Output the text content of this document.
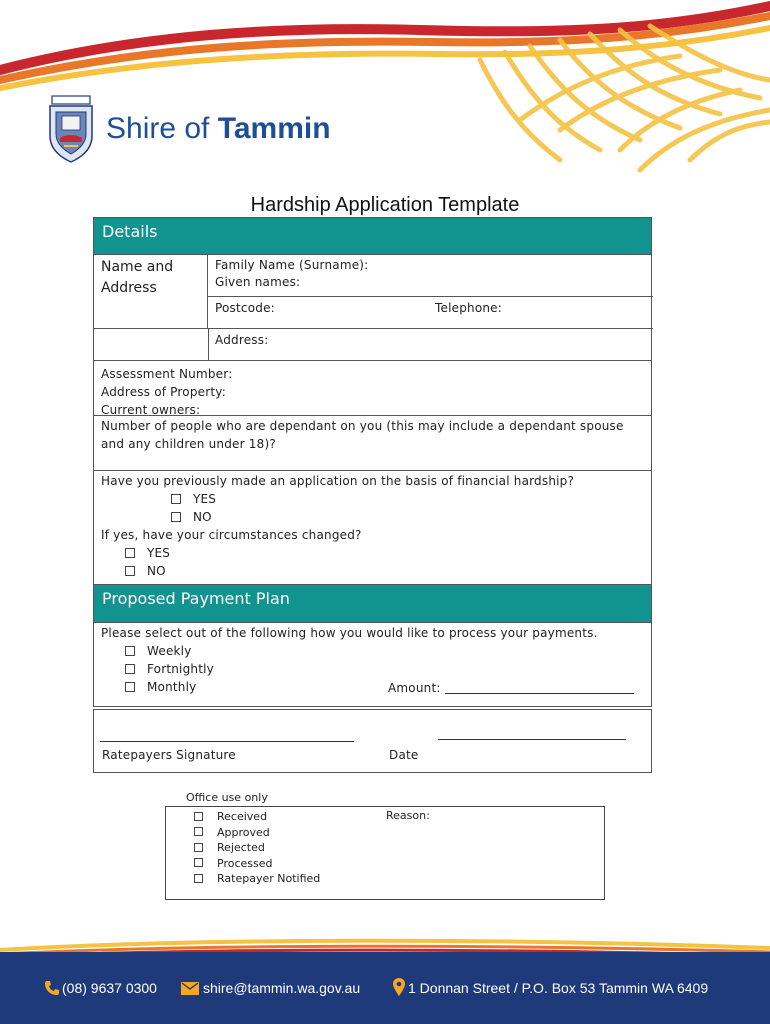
Shire of Tammin
Hardship Application Template
Details
Name and Address
Family Name (Surname):
Given names:
Postcode:	Telephone:
Address:
Assessment Number:
Address of Property:
Current owners:
Number of people who are dependant on you (this may include a dependant spouse
and any children under 18)?
Have you previously made an application on the basis of financial hardship?
YES
NO
If yes, have your circumstances changed?
YES
NO
Proposed Payment Plan
Please select out of the following how you would like to process your payments.
Weekly
Fortnightly
Monthly	Amount:
Ratepayers Signature	Date
Office use only
Received
Approved
Rejected
Processed
Ratepayer Notified
Reason:
(08) 9637 0300	shire@tammin.wa.gov.au	1 Donnan Street / P.O. Box 53 Tammin WA 6409
